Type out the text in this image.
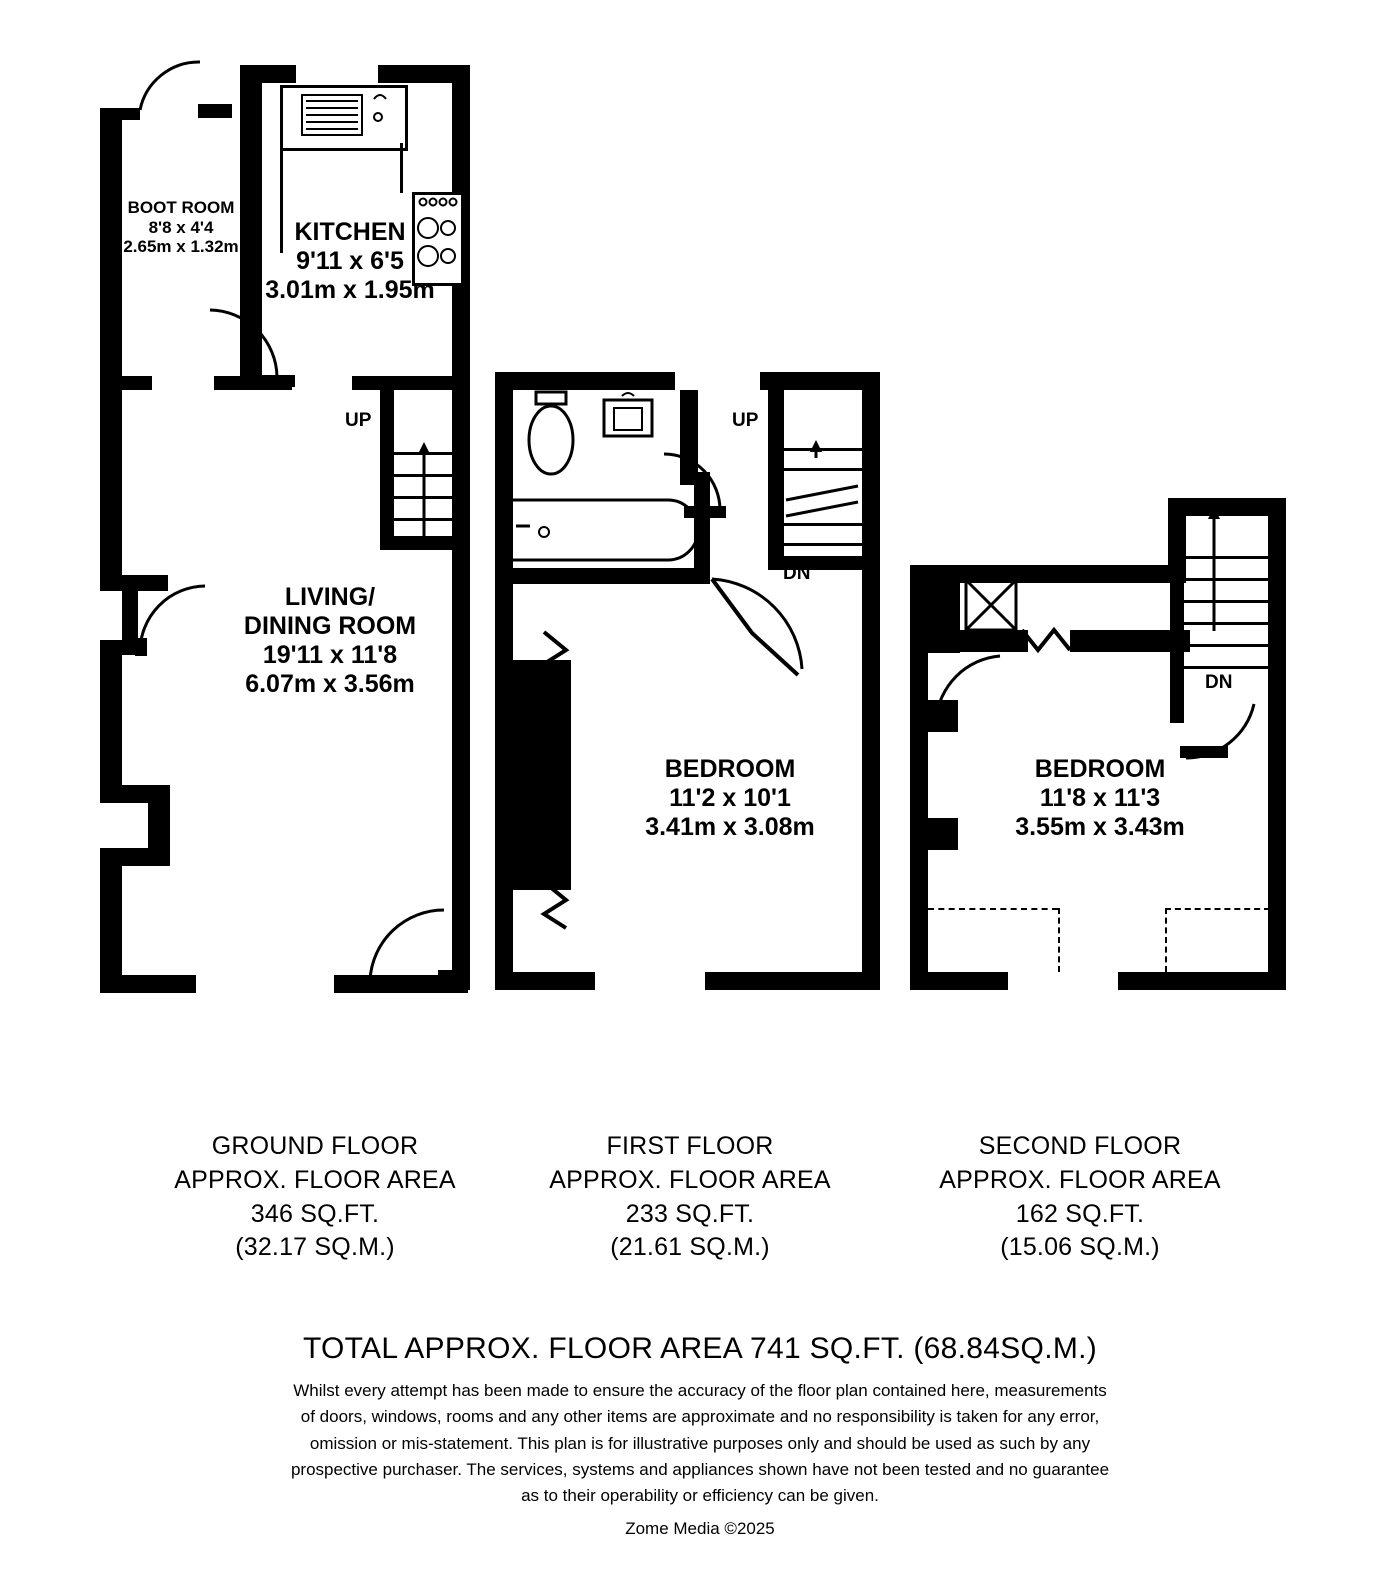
KITCHEN
9'11 x 6'5
3.01m x 1.95m
BOOT ROOM
8'8 x 4'4
2.65m x 1.32m
UP
LIVING/
DINING ROOM
19'11 x 11'8
6.07m x 3.56m
UP
DN
BEDROOM
11'2 x 10'1
3.41m x 3.08m
DN
BEDROOM
11'8 x 11'3
3.55m x 3.43m
GROUND FLOOR
APPROX. FLOOR AREA
346 SQ.FT.
(32.17 SQ.M.)
FIRST FLOOR
APPROX. FLOOR AREA
233 SQ.FT.
(21.61 SQ.M.)
SECOND FLOOR
APPROX. FLOOR AREA
162 SQ.FT.
(15.06 SQ.M.)
TOTAL APPROX. FLOOR AREA 741 SQ.FT. (68.84SQ.M.)
Whilst every attempt has been made to ensure the accuracy of the floor plan contained here, measurements
of doors, windows, rooms and any other items are approximate and no responsibility is taken for any error,
omission or mis-statement. This plan is for illustrative purposes only and should be used as such by any
prospective purchaser. The services, systems and appliances shown have not been tested and no guarantee
as to their operability or efficiency can be given.
Zome Media ©2025
